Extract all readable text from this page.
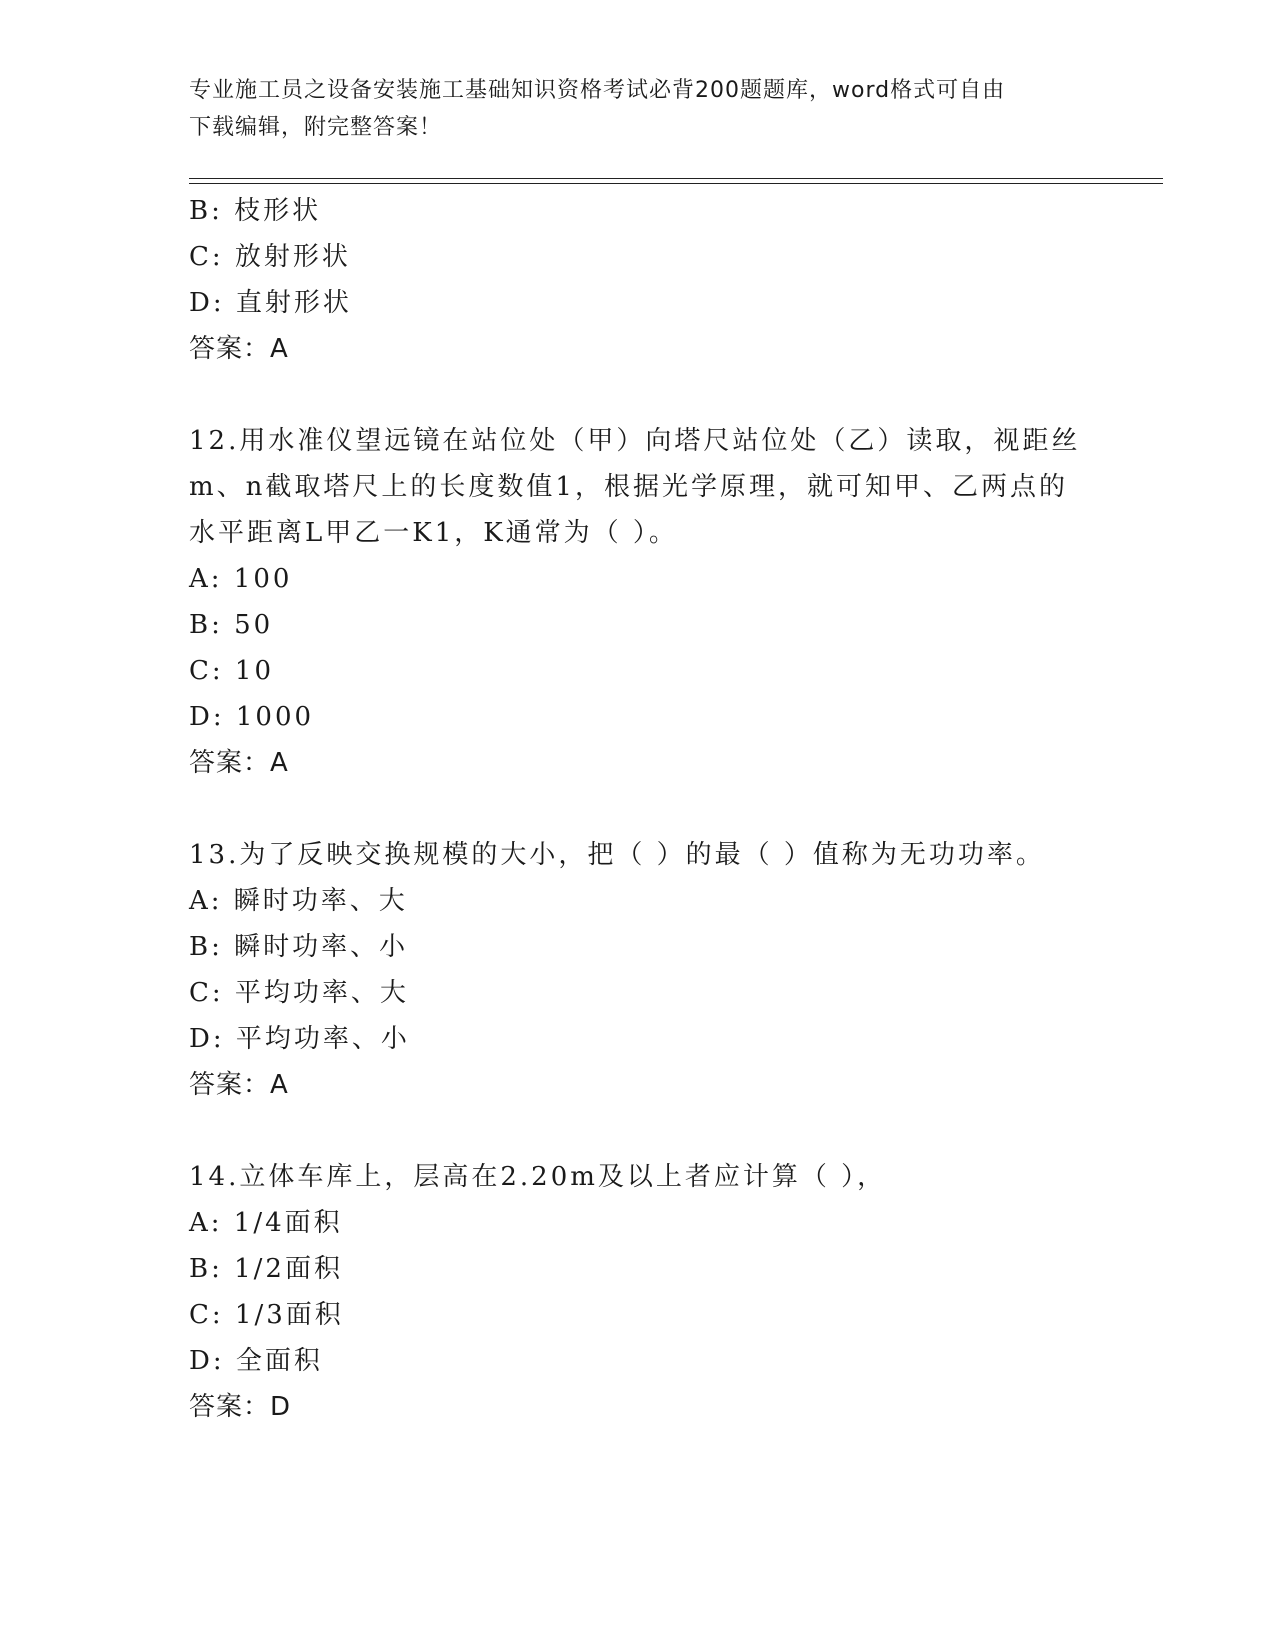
专业施工员之设备安装施工基础知识资格考试必背200题题库，word格式可自由
下载编辑，附完整答案！
B: 枝形状
C: 放射形状
D: 直射形状
答案：A
12.用水准仪望远镜在站位处（甲）向塔尺站位处（乙）读取，视距丝
m、n截取塔尺上的长度数值1，根据光学原理，就可知甲、乙两点的
水平距离L甲乙一K1，K通常为（ ）。
A: 100
B: 50
C: 10
D: 1000
答案：A
13.为了反映交换规模的大小，把（ ）的最（ ）值称为无功功率。
A: 瞬时功率、大
B: 瞬时功率、小
C: 平均功率、大
D: 平均功率、小
答案：A
14.立体车库上，层高在2.20m及以上者应计算（ ），
A: 1/4面积
B: 1/2面积
C: 1/3面积
D: 全面积
答案：D
